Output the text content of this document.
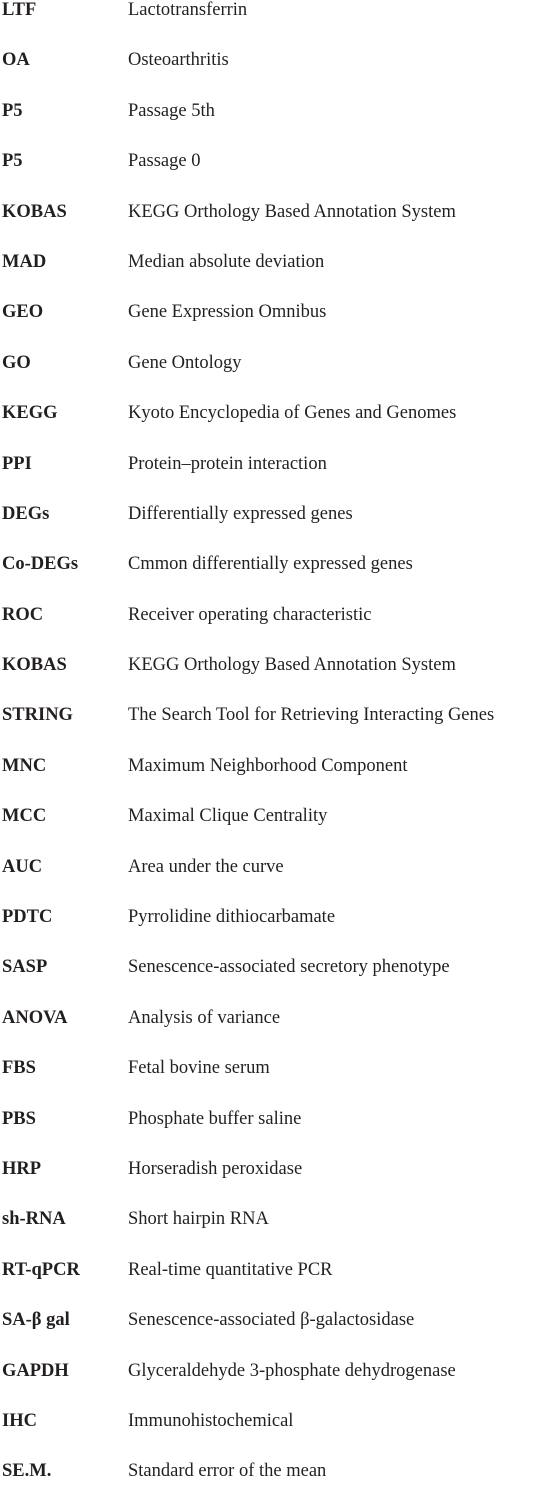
LTF	Lactotransferrin
OA	Osteoarthritis
P5	Passage 5th
P5	Passage 0
KOBAS	KEGG Orthology Based Annotation System
MAD	Median absolute deviation
GEO	Gene Expression Omnibus
GO	Gene Ontology
KEGG	Kyoto Encyclopedia of Genes and Genomes
PPI	Protein–protein interaction
DEGs	Differentially expressed genes
Co-DEGs	Cmmon differentially expressed genes
ROC	Receiver operating characteristic
KOBAS	KEGG Orthology Based Annotation System
STRING	The Search Tool for Retrieving Interacting Genes
MNC	Maximum Neighborhood Component
MCC	Maximal Clique Centrality
AUC	Area under the curve
PDTC	Pyrrolidine dithiocarbamate
SASP	Senescence-associated secretory phenotype
ANOVA	Analysis of variance
FBS	Fetal bovine serum
PBS	Phosphate buffer saline
HRP	Horseradish peroxidase
sh-RNA	Short hairpin RNA
RT-qPCR	Real-time quantitative PCR
SA-β gal	Senescence-associated β-galactosidase
GAPDH	Glyceraldehyde 3-phosphate dehydrogenase
IHC	Immunohistochemical
SE.M.	Standard error of the mean
